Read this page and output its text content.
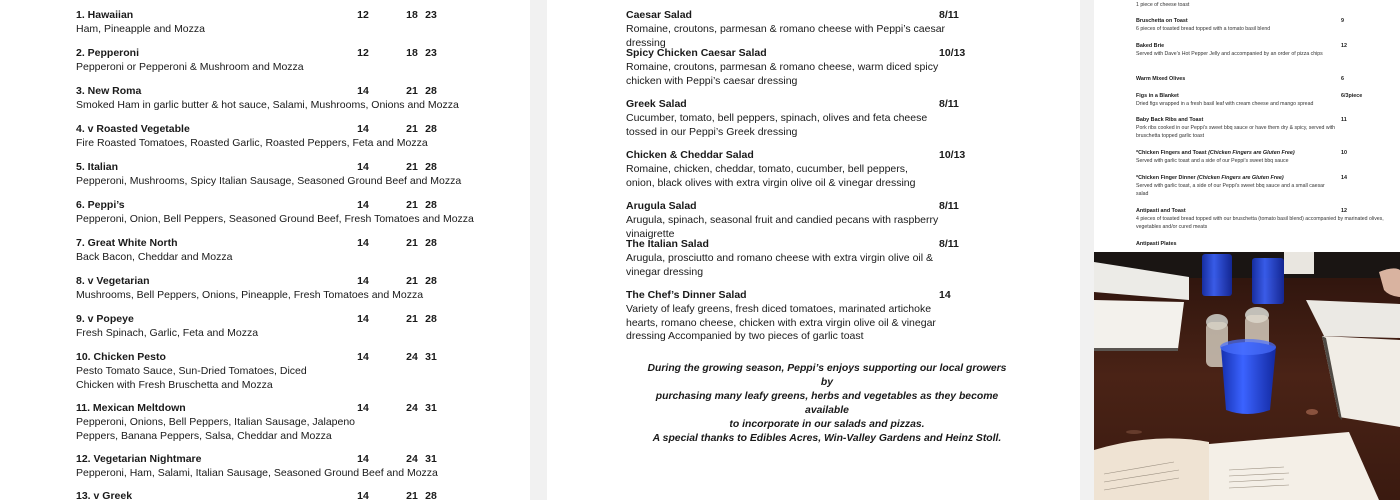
1. Hawaiian	12	18 23
Ham, Pineapple and Mozza
2. Pepperoni	12	18 23
Pepperoni or Pepperoni & Mushroom and Mozza
3. New Roma	14	21 28
Smoked Ham in garlic butter & hot sauce, Salami, Mushrooms, Onions and Mozza
4. ᴠ Roasted Vegetable	14	21 28
Fire Roasted Tomatoes, Roasted Garlic, Roasted Peppers, Feta and Mozza
5. Italian	14	21 28
Pepperoni, Mushrooms, Spicy Italian Sausage, Seasoned Ground Beef and Mozza
6. Peppi’s	14	21 28
Pepperoni, Onion, Bell Peppers, Seasoned Ground Beef, Fresh Tomatoes and Mozza
7. Great White North	14	21 28
Back Bacon, Cheddar and Mozza
8. ᴠ Vegetarian	14	21 28
Mushrooms, Bell Peppers, Onions, Pineapple, Fresh Tomatoes and Mozza
9. ᴠ Popeye	14	21 28
Fresh Spinach, Garlic, Feta and Mozza
10. Chicken Pesto	14	24 31
Pesto Tomato Sauce, Sun-Dried Tomatoes, Diced Chicken with Fresh Bruschetta and Mozza
11. Mexican Meltdown	14	24 31
Pepperoni, Onions, Bell Peppers, Italian Sausage, Jalapeno Peppers, Banana Peppers, Salsa, Cheddar and Mozza
12. Vegetarian Nightmare	14	24 31
Pepperoni, Ham, Salami, Italian Sausage, Seasoned Ground Beef and Mozza
13. ᴠ Greek	14	21 28
Caesar Salad	8/11
Romaine, croutons, parmesan & romano cheese with Peppi’s caesar dressing
Spicy Chicken Caesar Salad	10/13
Romaine, croutons, parmesan & romano cheese, warm diced spicy chicken with Peppi’s caesar dressing
Greek Salad	8/11
Cucumber, tomato, bell peppers, spinach, olives and feta cheese tossed in our Peppi’s Greek dressing
Chicken & Cheddar Salad	10/13
Romaine, chicken, cheddar, tomato, cucumber, bell peppers, onion, black olives with extra virgin olive oil & vinegar dressing
Arugula Salad	8/11
Arugula, spinach, seasonal fruit and candied pecans with raspberry vinaigrette
The Italian Salad	8/11
Arugula, prosciutto and romano cheese with extra virgin olive oil & vinegar dressing
The Chef’s Dinner Salad	14
Variety of leafy greens, fresh diced tomatoes, marinated artichoke hearts, romano cheese, chicken with extra virgin olive oil & vinegar dressing Accompanied by two pieces of garlic toast
During the growing season, Peppi’s enjoys supporting our local growers by
purchasing many leafy greens, herbs and vegetables as they become available
to incorporate in our salads and pizzas.
A special thanks to Edibles Acres, Win-Valley Gardens and Heinz Stoll.
1 piece of cheese toast
Bruschetta on Toast	9
6 pieces of toasted bread topped with a tomato basil blend
Baked Brie	12
Served with Dave’s Hot Pepper Jelly and accompanied by an order of pizza chips
Warm Mixed Olives	6
Figs in a Blanket	6/3piece
Dried figs wrapped in a fresh basil leaf with cream cheese and mango spread
Baby Back Ribs and Toast	11
Pork ribs cooked in our Peppi’s sweet bbq sauce or have them dry & spicy, served with bruschetta topped garlic toast
*Chicken Fingers and Toast (Chicken Fingers are Gluten Free)	10
Served with garlic toast and a side of our Peppi’s sweet bbq sauce
*Chicken Finger Dinner (Chicken Fingers are Gluten Free)	14
Served with garlic toast, a side of our Peppi’s sweet bbq sauce and a small caesar salad
Antipasti and Toast	12
4 pieces of toasted bread topped with our bruschetta (tomato basil blend) accompanied by marinated olives, vegetables and/or cured meats
Antipasti Plates
